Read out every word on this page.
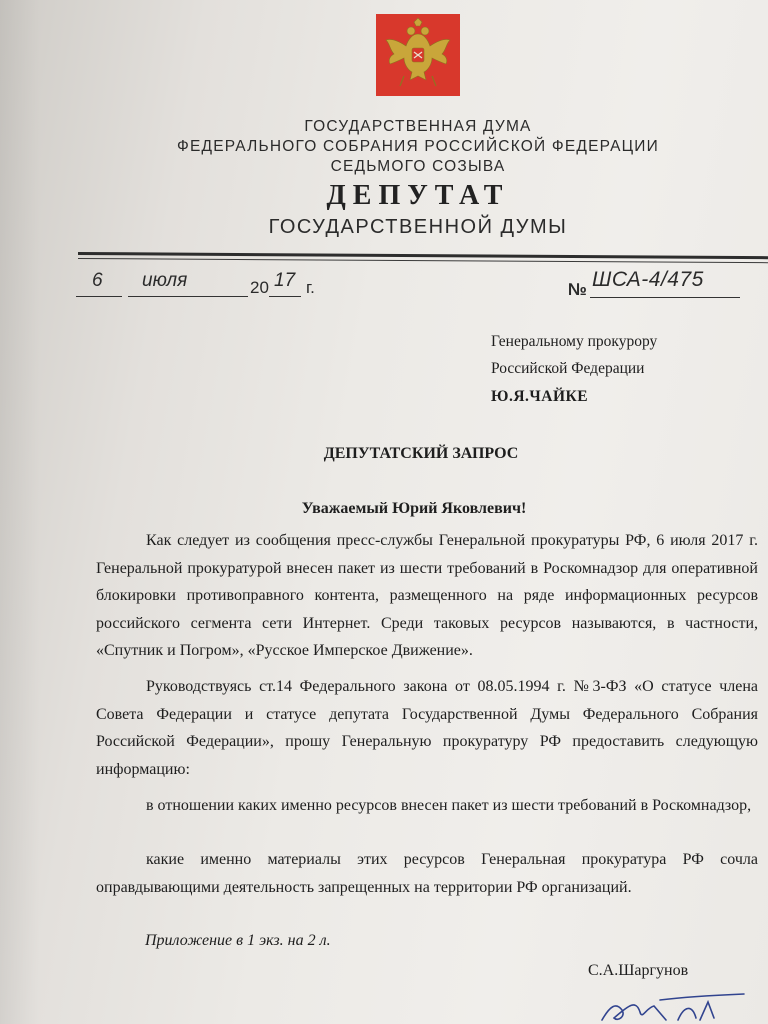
ГОСУДАРСТВЕННАЯ ДУМА
ФЕДЕРАЛЬНОГО СОБРАНИЯ РОССИЙСКОЙ ФЕДЕРАЦИИ
СЕДЬМОГО СОЗЫВА
ДЕПУТАТ
ГОСУДАРСТВЕННОЙ ДУМЫ
6 июля	20 17 г.	№ ШСА-4/475
Генеральному прокурору
Российской Федерации
Ю.Я.ЧАЙКЕ
ДЕПУТАТСКИЙ ЗАПРОС
Уважаемый Юрий Яковлевич!

Как следует из сообщения пресс-службы Генеральной прокуратуры РФ, 6 июля 2017 г. Генеральной прокуратурой внесен пакет из шести требований в Роскомнадзор для оперативной блокировки противоправного контента, размещенного на ряде информационных ресурсов российского сегмента сети Интернет. Среди таковых ресурсов называются, в частности, «Спутник и Погром», «Русское Имперское Движение».

Руководствуясь ст.14 Федерального закона от 08.05.1994 г. №3-ФЗ «О статусе члена Совета Федерации и статусе депутата Государственной Думы Федерального Собрания Российской Федерации», прошу Генеральную прокуратуру РФ предоставить следующую информацию:

в отношении каких именно ресурсов внесен пакет из шести требований в Роскомнадзор,

какие именно материалы этих ресурсов Генеральная прокуратура РФ сочла оправдывающими деятельность запрещенных на территории РФ организаций.

Приложение в 1 экз. на 2 л.
С.А.Шаргунов
